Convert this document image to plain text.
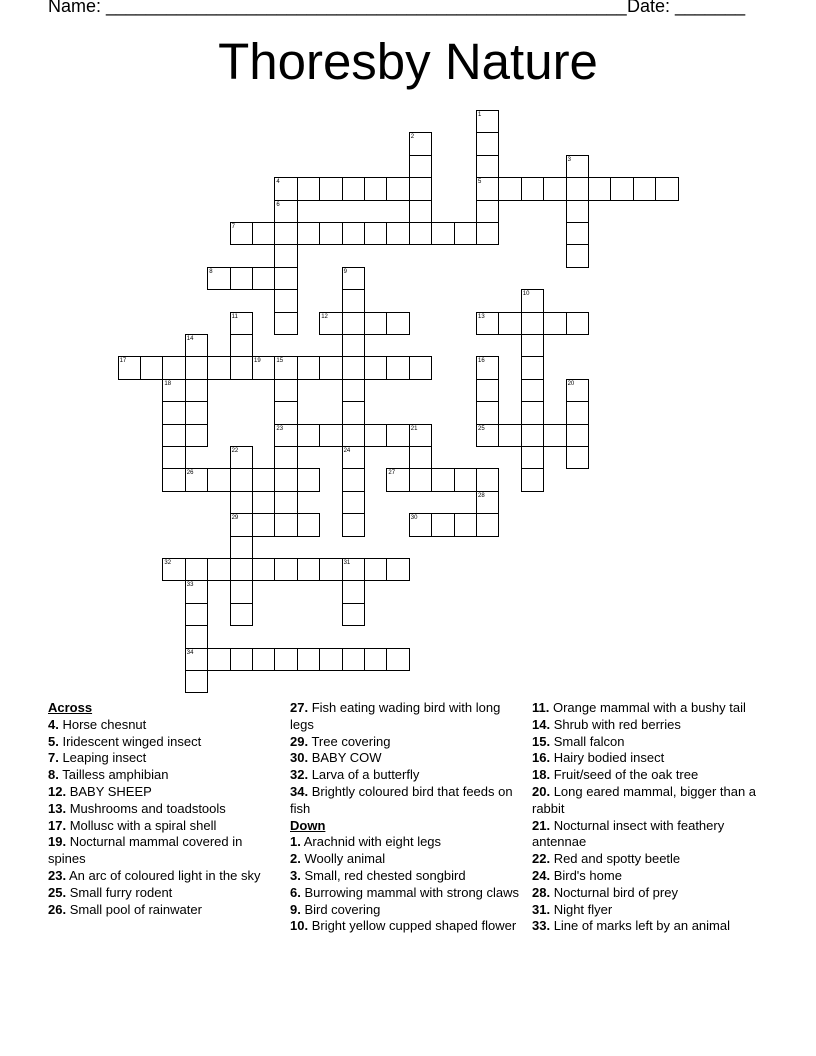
Name: ____________________________________________________ Date: _______
Thoresby Nature
4	5
7
8
12	13
17	19
23	25
26	27
29	30
32
34
1
2
3
6
9
10
11
14
15	16
18	20
21
22	24
28
31
33
Across
4. Horse chesnut
5. Iridescent winged insect
7. Leaping insect
8. Tailless amphibian
12. BABY SHEEP
13. Mushrooms and toadstools
17. Mollusc with a spiral shell
19. Nocturnal mammal covered in spines
23. An arc of coloured light in the sky
25. Small furry rodent
26. Small pool of rainwater
27. Fish eating wading bird with long legs
29. Tree covering
30. BABY COW
32. Larva of a butterfly
34. Brightly coloured bird that feeds on fish
Down
1. Arachnid with eight legs
2. Woolly animal
3. Small, red chested songbird
6. Burrowing mammal with strong claws
9. Bird covering
10. Bright yellow cupped shaped flower
11. Orange mammal with a bushy tail
14. Shrub with red berries
15. Small falcon
16. Hairy bodied insect
18. Fruit/seed of the oak tree
20. Long eared mammal, bigger than a rabbit
21. Nocturnal insect with feathery antennae
22. Red and spotty beetle
24. Bird's home
28. Nocturnal bird of prey
31. Night flyer
33. Line of marks left by an animal
